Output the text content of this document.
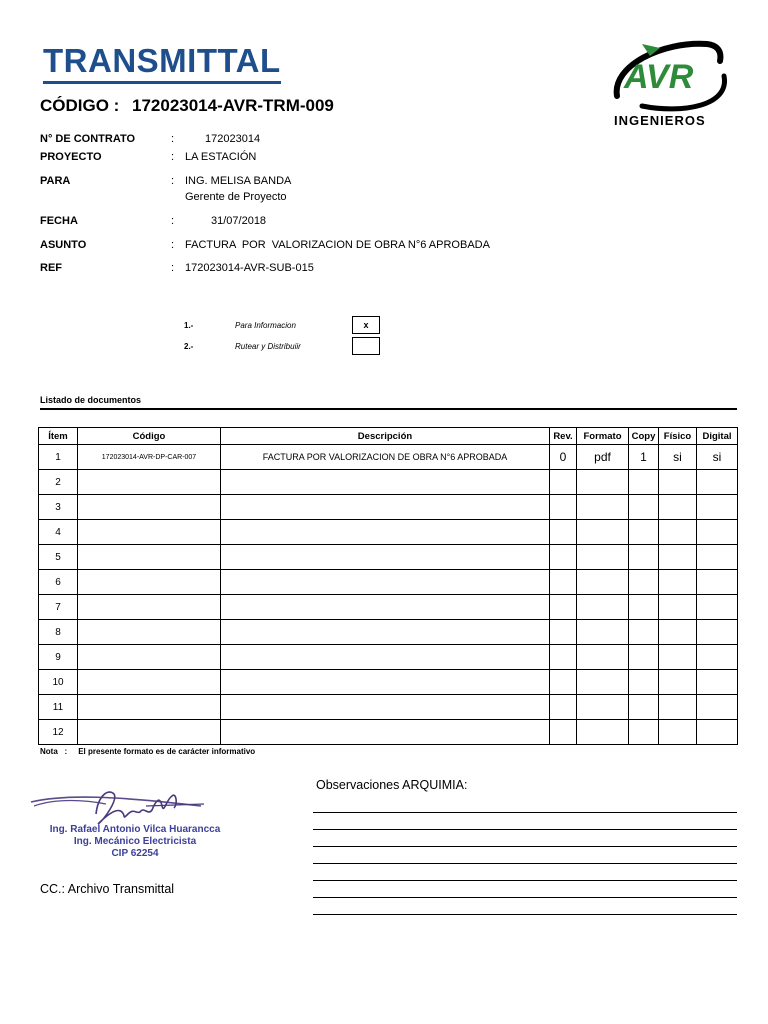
TRANSMITTAL
CÓDIGO : 172023014-AVR-TRM-009
AVR
INGENIEROS
N° DE CONTRATO	:	172023014
PROYECTO	: LA ESTACIÓN
PARA	: ING. MELISA BANDA
Gerente de Proyecto
FECHA	:	31/07/2018
ASUNTO	: FACTURA  POR  VALORIZACION DE OBRA N°6 APROBADA
REF	: 172023014-AVR-SUB-015
1.-	Para Informacion	x
2.-	Rutear y Distribuiir
Listado de documentos
Ítem	Código	Descripción	Rev.	Formato	Copy	Físico	Digital
1	172023014-AVR-DP-CAR-007	FACTURA POR VALORIZACION DE OBRA N°6 APROBADA	0	pdf	1	si	si
2							
3							
4							
5							
6							
7							
8							
9							
10							
11							
12							
Nota   :     El presente formato es de carácter informativo
Observaciones ARQUIMIA:
Ing. Rafael Antonio Vilca Huarancca
Ing. Mecánico Electricista
CIP 62254
CC.: Archivo Transmittal
